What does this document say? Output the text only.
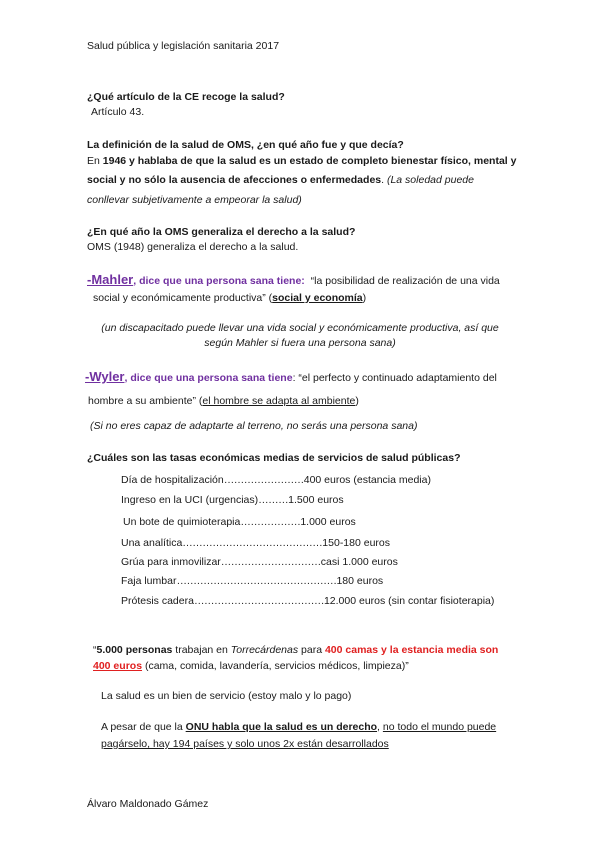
Salud pública y legislación sanitaria 2017
¿Qué artículo de la CE recoge la salud?
Artículo 43.
La definición de la salud de OMS, ¿en qué año fue y que decía?
En 1946 y hablaba de que la salud es un estado de completo bienestar físico, mental y
social y no sólo la ausencia de afecciones o enfermedades. (La soledad puede
conllevar subjetivamente a empeorar la salud)
¿En qué año la OMS generaliza el derecho a la salud?
OMS (1948) generaliza el derecho a la salud.
-Mahler, dice que una persona sana tiene: “la posibilidad de realización de una vida
social y económicamente productiva” (social y economía)
(un discapacitado puede llevar una vida social y económicamente productiva, así que
según Mahler si fuera una persona sana)
-Wyler, dice que una persona sana tiene: “el perfecto y continuado adaptamiento del
hombre a su ambiente” (el hombre se adapta al ambiente)
(Si no eres capaz de adaptarte al terreno, no serás una persona sana)
¿Cuáles son las tasas económicas medias de servicios de salud públicas?
Día de hospitalización……………………400 euros (estancia media)
Ingreso en la UCI (urgencias)………1.500 euros
Un bote de quimioterapia………………1.000 euros
Una analítica……………………………………150-180 euros
Grúa para inmovilizar…………………………casi 1.000 euros
Faja lumbar…………………………………………180 euros
Prótesis cadera…………………………………12.000 euros (sin contar fisioterapia)
“5.000 personas trabajan en Torrecárdenas para 400 camas y la estancia media son
400 euros (cama, comida, lavandería, servicios médicos, limpieza)”
La salud es un bien de servicio (estoy malo y lo pago)
A pesar de que la ONU habla que la salud es un derecho, no todo el mundo puede
pagárselo, hay 194 países y solo unos 2x están desarrollados
Álvaro Maldonado Gámez
